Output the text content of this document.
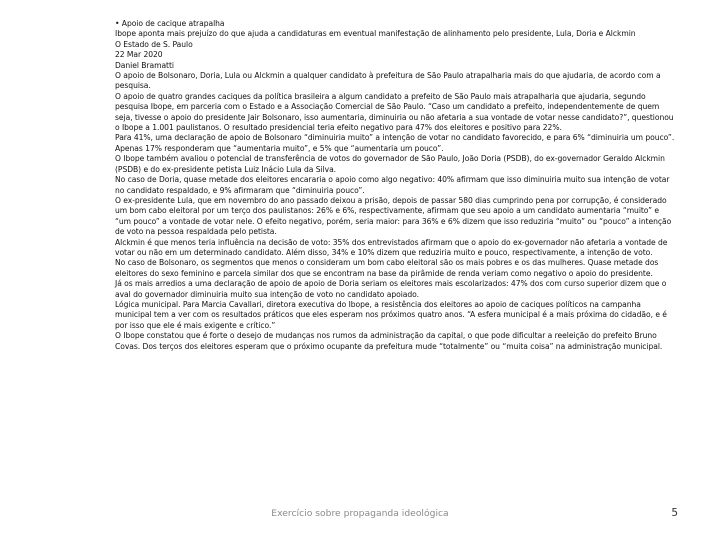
• Apoio de cacique atrapalha

Ibope aponta mais prejuízo do que ajuda a candidaturas em eventual manifestação de alinhamento pelo presidente, Lula, Doria e Alckmin

O Estado de S. Paulo

22 Mar 2020

Daniel Bramatti

O apoio de Bolsonaro, Doria, Lula ou Alckmin a qualquer candidato à prefeitura de São Paulo atrapalharia mais do que ajudaria, de acordo com a pesquisa.

O apoio de quatro grandes caciques da política brasileira a algum candidato a prefeito de São Paulo mais atrapalharia que ajudaria, segundo pesquisa Ibope, em parceria com o Estado e a Associação Comercial de São Paulo. “Caso um candidato a prefeito, independentemente de quem seja, tivesse o apoio do presidente Jair Bolsonaro, isso aumentaria, diminuiria ou não afetaria a sua vontade de votar nesse candidato?”, questionou o Ibope a 1.001 paulistanos. O resultado presidencial teria efeito negativo para 47% dos eleitores e positivo para 22%.

Para 41%, uma declaração de apoio de Bolsonaro “diminuiria muito” a intenção de votar no candidato favorecido, e para 6% “diminuiria um pouco”. Apenas 17% responderam que “aumentaria muito”, e 5% que “aumentaria um pouco”.

O Ibope também avaliou o potencial de transferência de votos do governador de São Paulo, João Doria (PSDB), do ex-governador Geraldo Alckmin (PSDB) e do ex-presidente petista Luiz Inácio Lula da Silva.

No caso de Doria, quase metade dos eleitores encararia o apoio como algo negativo: 40% afirmam que isso diminuiria muito sua intenção de votar no candidato respaldado, e 9% afirmaram que “diminuiria pouco”.

O ex-presidente Lula, que em novembro do ano passado deixou a prisão, depois de passar 580 dias cumprindo pena por corrupção, é considerado um bom cabo eleitoral por um terço dos paulistanos: 26% e 6%, respectivamente, afirmam que seu apoio a um candidato aumentaria “muito” e “um pouco” a vontade de votar nele. O efeito negativo, porém, seria maior: para 36% e 6% dizem que isso reduziria “muito” ou “pouco” a intenção de voto na pessoa respaldada pelo petista.

Alckmin é que menos teria influência na decisão de voto: 35% dos entrevistados afirmam que o apoio do ex-governador não afetaria a vontade de votar ou não em um determinado candidato. Além disso, 34% e 10% dizem que reduziria muito e pouco, respectivamente, a intenção de voto.

No caso de Bolsonaro, os segmentos que menos o consideram um bom cabo eleitoral são os mais pobres e os das mulheres. Quase metade dos eleitores do sexo feminino e parcela similar dos que se encontram na base da pirâmide de renda veriam como negativo o apoio do presidente.

Já os mais arredios a uma declaração de apoio de apoio de Doria seriam os eleitores mais escolarizados: 47% dos com curso superior dizem que o aval do governador diminuiria muito sua intenção de voto no candidato apoiado.

Lógica municipal. Para Marcia Cavallari, diretora executiva do Ibope, a resistência dos eleitores ao apoio de caciques políticos na campanha municipal tem a ver com os resultados práticos que eles esperam nos próximos quatro anos. “A esfera municipal é a mais próxima do cidadão, e é por isso que ele é mais exigente e crítico.”

O Ibope constatou que é forte o desejo de mudanças nos rumos da administração da capital, o que pode dificultar a reeleição do prefeito Bruno Covas. Dos terços dos eleitores esperam que o próximo ocupante da prefeitura mude “totalmente” ou “muita coisa” na administração municipal.

Exercício sobre propaganda ideológica	5
